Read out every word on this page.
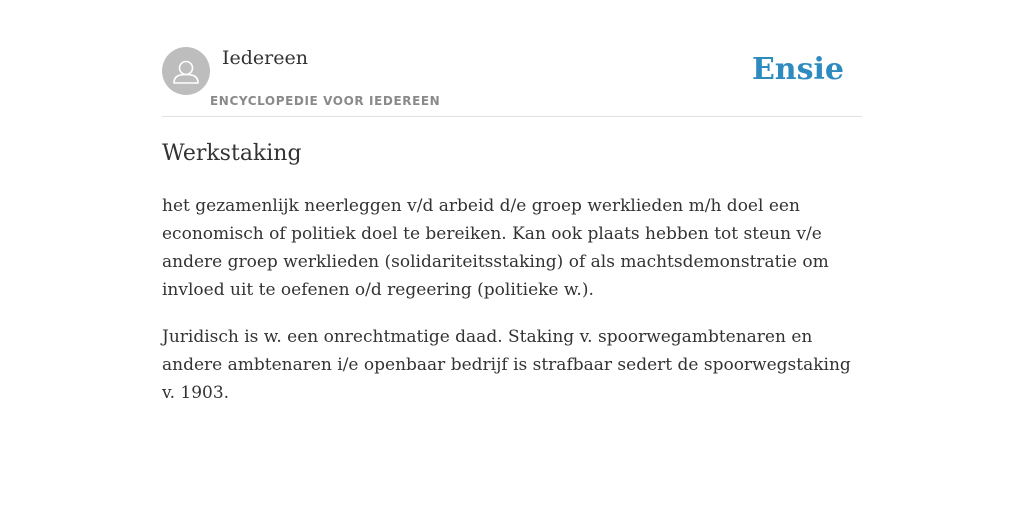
Iedereen
ENCYCLOPEDIE VOOR IEDEREEN
Ensie
Werkstaking

het gezamenlijk neerleggen v/d arbeid d/e groep werklieden m/h doel een economisch of politiek doel te bereiken. Kan ook plaats hebben tot steun v/e andere groep werklieden (solidariteitsstaking) of als machtsdemonstratie om invloed uit te oefenen o/d regeering (politieke w.).

Juridisch is w. een onrechtmatige daad. Staking v. spoorwegambtenaren en andere ambtenaren i/e openbaar bedrijf is strafbaar sedert de spoorwegstaking v. 1903.
